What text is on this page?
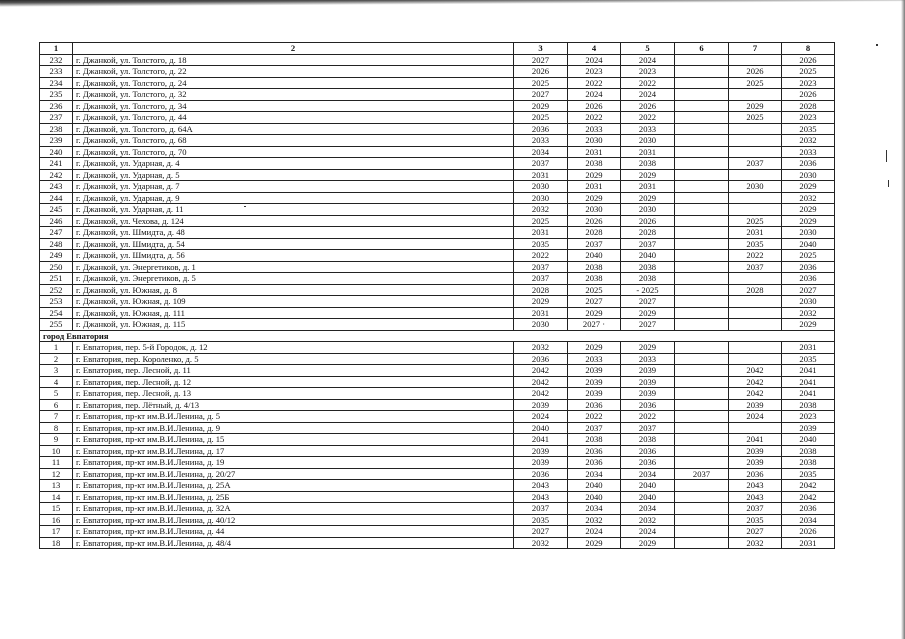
1	2	3	4	5	6	7	8
232	г. Джанкой, ул. Толстого, д. 18	2027	2024	2024			2026
233	г. Джанкой, ул. Толстого, д. 22	2026	2023	2023		2026	2025
234	г. Джанкой, ул. Толстого, д. 24	2025	2022	2022		2025	2023
235	г. Джанкой, ул. Толстого, д. 32	2027	2024	2024			2026
236	г. Джанкой, ул. Толстого, д. 34	2029	2026	2026		2029	2028
237	г. Джанкой, ул. Толстого, д. 44	2025	2022	2022		2025	2023
238	г. Джанкой, ул. Толстого, д. 64А	2036	2033	2033			2035
239	г. Джанкой, ул. Толстого, д. 68	2033	2030	2030			2032
240	г. Джанкой, ул. Толстого, д. 70	2034	2031	2031			2033
241	г. Джанкой, ул. Ударная, д. 4	2037	2038	2038		2037	2036
242	г. Джанкой, ул. Ударная, д. 5	2031	2029	2029			2030
243	г. Джанкой, ул. Ударная, д. 7	2030	2031	2031		2030	2029
244	г. Джанкой, ул. Ударная, д. 9	2030	2029	2029			2032
245	г. Джанкой, ул. Ударная, д. 11	2032	2030	2030			2029
246	г. Джанкой, ул. Чехова, д. 124	2025	2026	2026		2025	2029
247	г. Джанкой, ул. Шмидта, д. 48	2031	2028	2028		2031	2030
248	г. Джанкой, ул. Шмидта, д. 54	2035	2037	2037		2035	2040
249	г. Джанкой, ул. Шмидта, д. 56	2022	2040	2040		2022	2025
250	г. Джанкой, ул. Энергетиков, д. 1	2037	2038	2038		2037	2036
251	г. Джанкой, ул. Энергетиков, д. 5	2037	2038	2038			2036
252	г. Джанкой, ул. Южная, д. 8	2028	2025	- 2025		2028	2027
253	г. Джанкой, ул. Южная, д. 109	2029	2027	2027			2030
254	г. Джанкой, ул. Южная, д. 111	2031	2029	2029			2032
255	г. Джанкой, ул. Южная, д. 115	2030	2027 ·	2027			2029
город Евпатория							
1	г. Евпатория, пер. 5-й Городок, д. 12	2032	2029	2029			2031
2	г. Евпатория, пер. Короленко, д. 5	2036	2033	2033			2035
3	г. Евпатория, пер. Лесной, д. 11	2042	2039	2039		2042	2041
4	г. Евпатория, пер. Лесной, д. 12	2042	2039	2039		2042	2041
5	г. Евпатория, пер. Лесной, д. 13	2042	2039	2039		2042	2041
6	г. Евпатория, пер. Лётный, д. 4/13	2039	2036	2036		2039	2038
7	г. Евпатория, пр-кт им.В.И.Ленина, д. 5	2024	2022	2022		2024	2023
8	г. Евпатория, пр-кт им.В.И.Ленина, д. 9	2040	2037	2037			2039
9	г. Евпатория, пр-кт им.В.И.Ленина, д. 15	2041	2038	2038		2041	2040
10	г. Евпатория, пр-кт им.В.И.Ленина, д. 17	2039	2036	2036		2039	2038
11	г. Евпатория, пр-кт им.В.И.Ленина, д. 19	2039	2036	2036		2039	2038
12	г. Евпатория, пр-кт им.В.И.Ленина, д. 20/27	2036	2034	2034	2037	2036	2035
13	г. Евпатория, пр-кт им.В.И.Ленина, д. 25А	2043	2040	2040		2043	2042
14	г. Евпатория, пр-кт им.В.И.Ленина, д. 25Б	2043	2040	2040		2043	2042
15	г. Евпатория, пр-кт им.В.И.Ленина, д. 32А	2037	2034	2034		2037	2036
16	г. Евпатория, пр-кт им.В.И.Ленина, д. 40/12	2035	2032	2032		2035	2034
17	г. Евпатория, пр-кт им.В.И.Ленина, д. 44	2027	2024	2024		2027	2026
18	г. Евпатория, пр-кт им.В.И.Ленина, д. 48/4	2032	2029	2029		2032	2031
